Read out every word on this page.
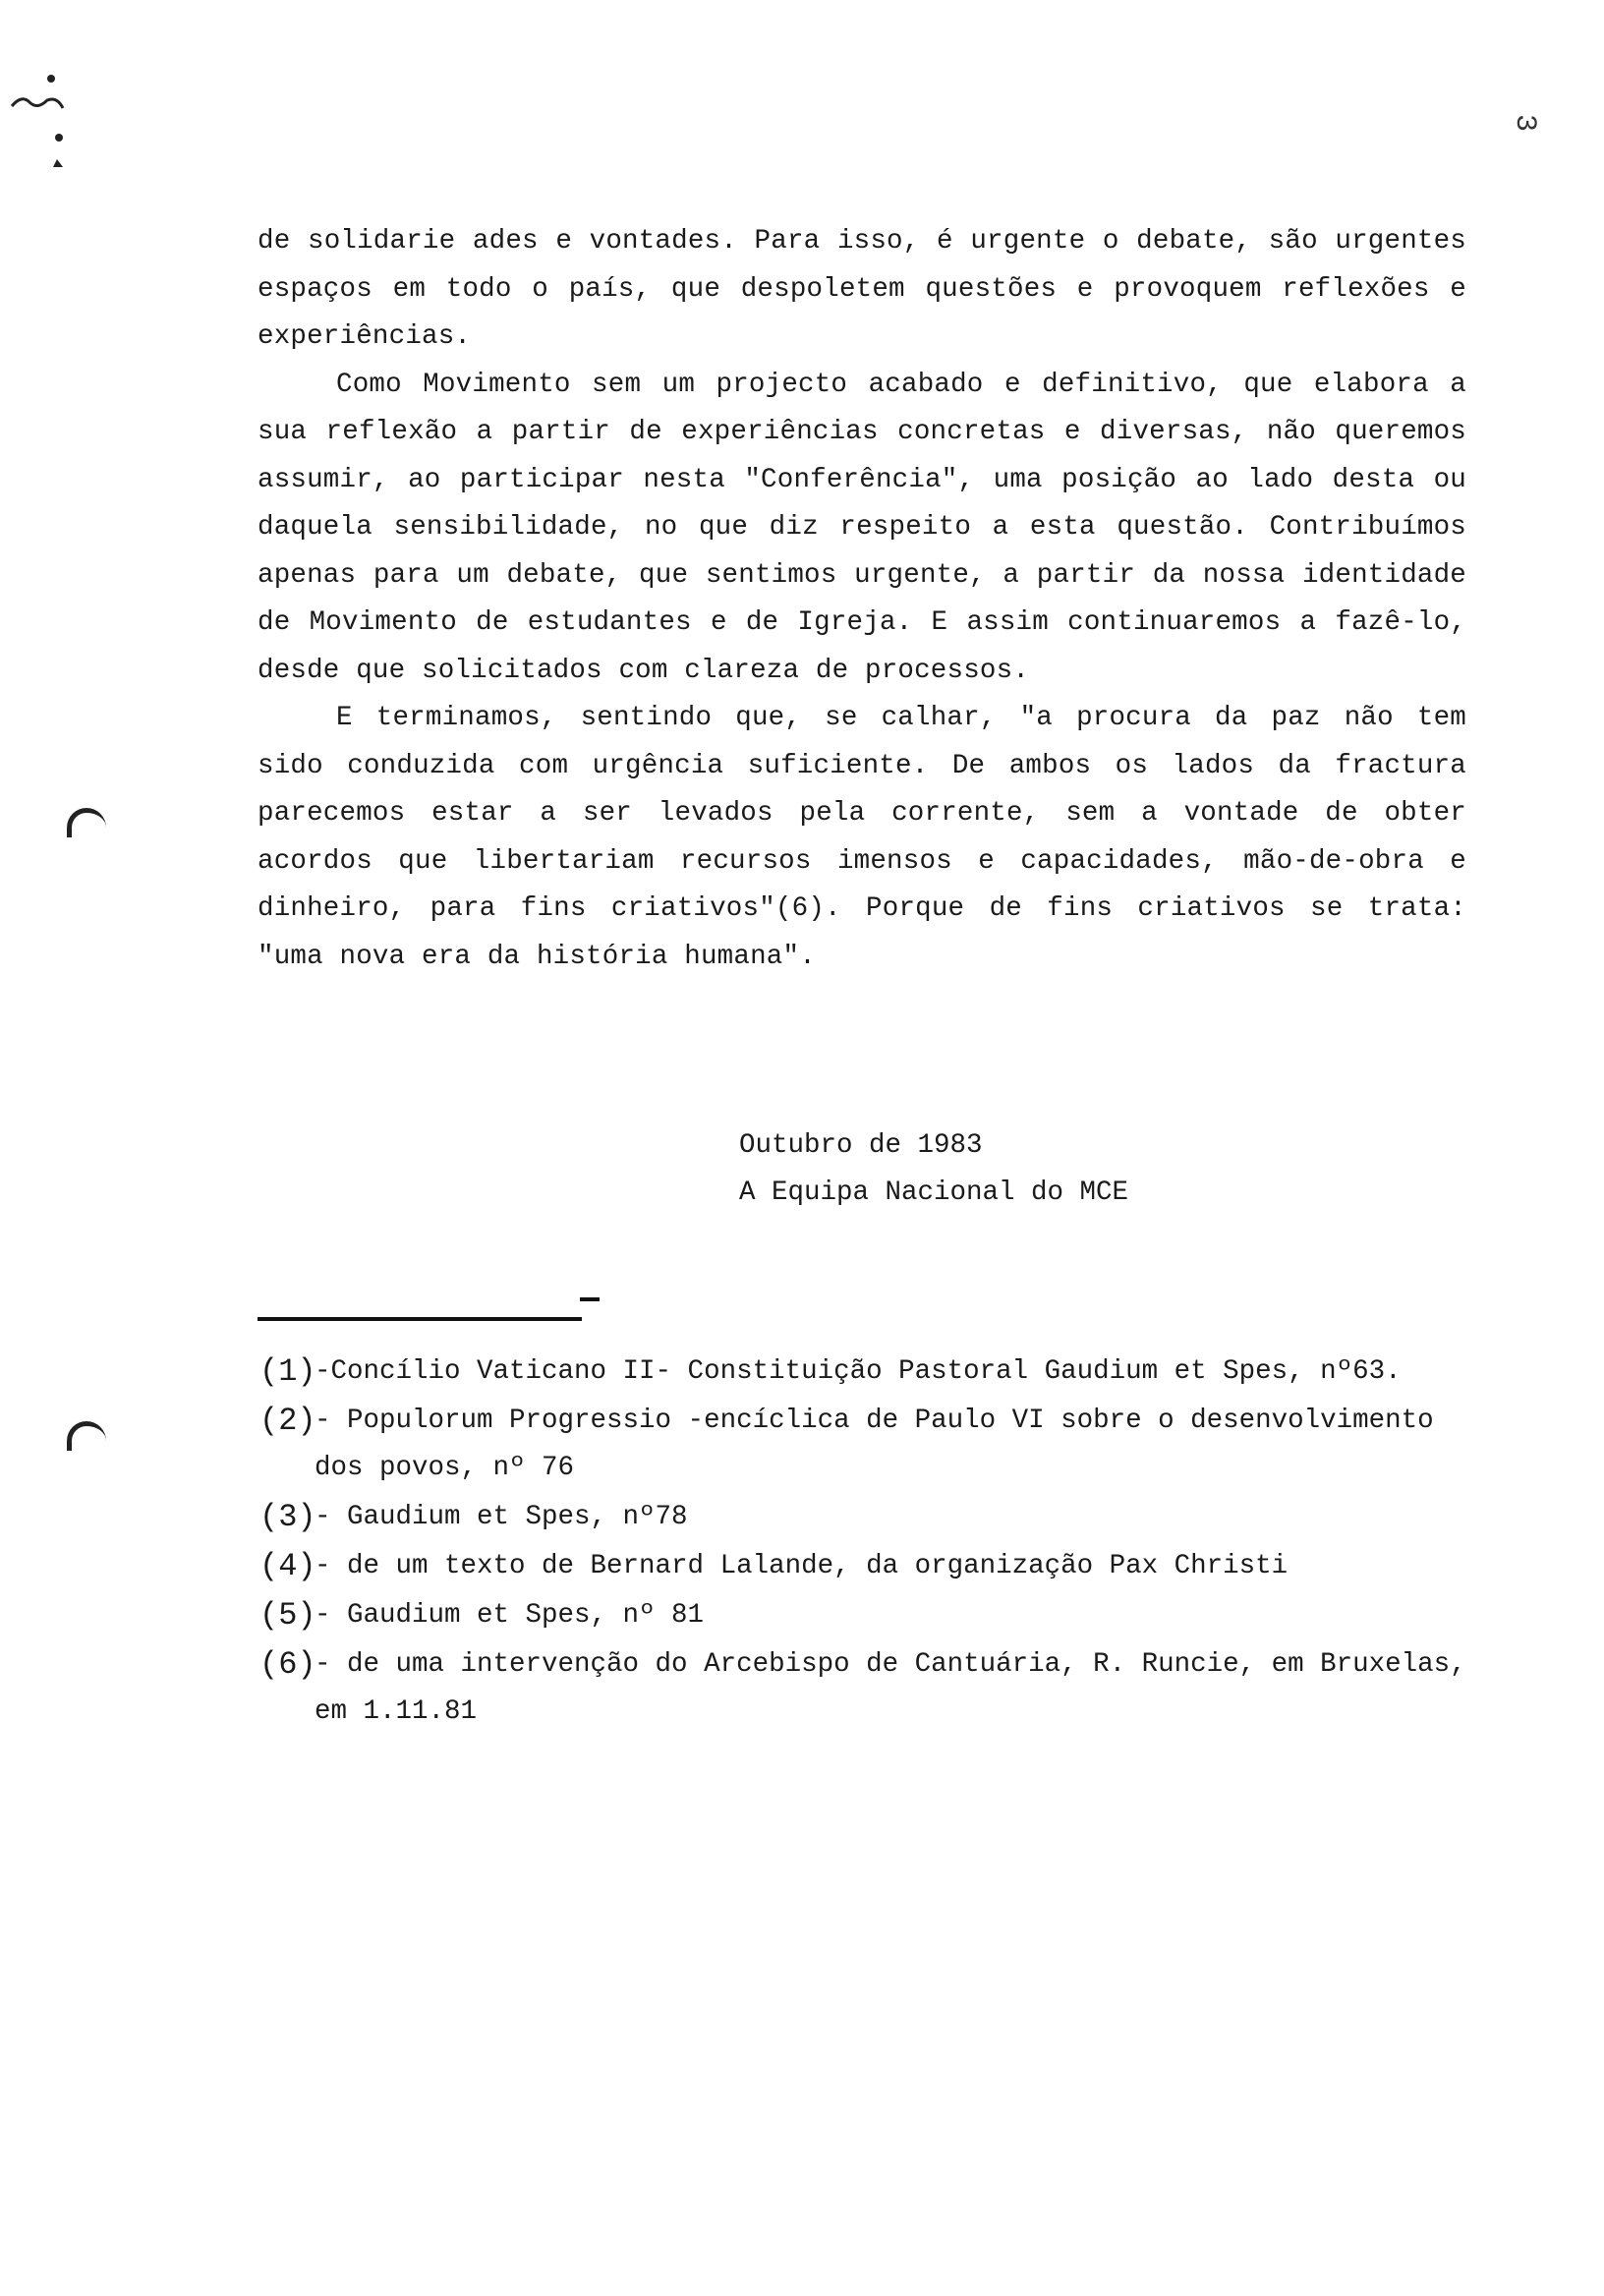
3

de solidarie ades e vontades. Para isso, é urgente o debate, são urgentes espaços em todo o país, que despoletem questões e provoquem reflexões e experiências.

Como Movimento sem um projecto acabado e definitivo, que elabora a sua reflexão a partir de experiências concretas e diversas, não queremos assumir, ao participar nesta "Conferência", uma posição ao lado desta ou daquela sensibilidade, no que diz respeito a esta questão. Contribuímos apenas para um debate, que sentimos urgente, a partir da nossa identidade de Movimento de estudantes e de Igreja. E assim continuaremos a fazê-lo, desde que solicitados com clareza de processos.

E terminamos, sentindo que, se calhar, "a procura da paz não tem sido conduzida com urgência suficiente. De ambos os lados da fractura parecemos estar a ser levados pela corrente, sem a vontade de obter acordos que libertariam recursos imensos e capacidades, mão-de-obra e dinheiro, para fins criativos"(6). Porque de fins criativos se trata: "uma nova era da história humana".

Outubro de 1983
A Equipa Nacional do MCE
(1)
-Concílio Vaticano II- Constituição Pastoral Gaudium et Spes, nº63.
(2)
- Populorum Progressio -encíclica de Paulo VI sobre o desenvolvimento dos povos, nº 76
(3)
- Gaudium et Spes, nº78
(4)
- de um texto de Bernard Lalande, da organização Pax Christi
(5)
- Gaudium et Spes, nº 81
(6)
- de uma intervenção do Arcebispo de Cantuária, R. Runcie, em Bruxelas, em 1.11.81
